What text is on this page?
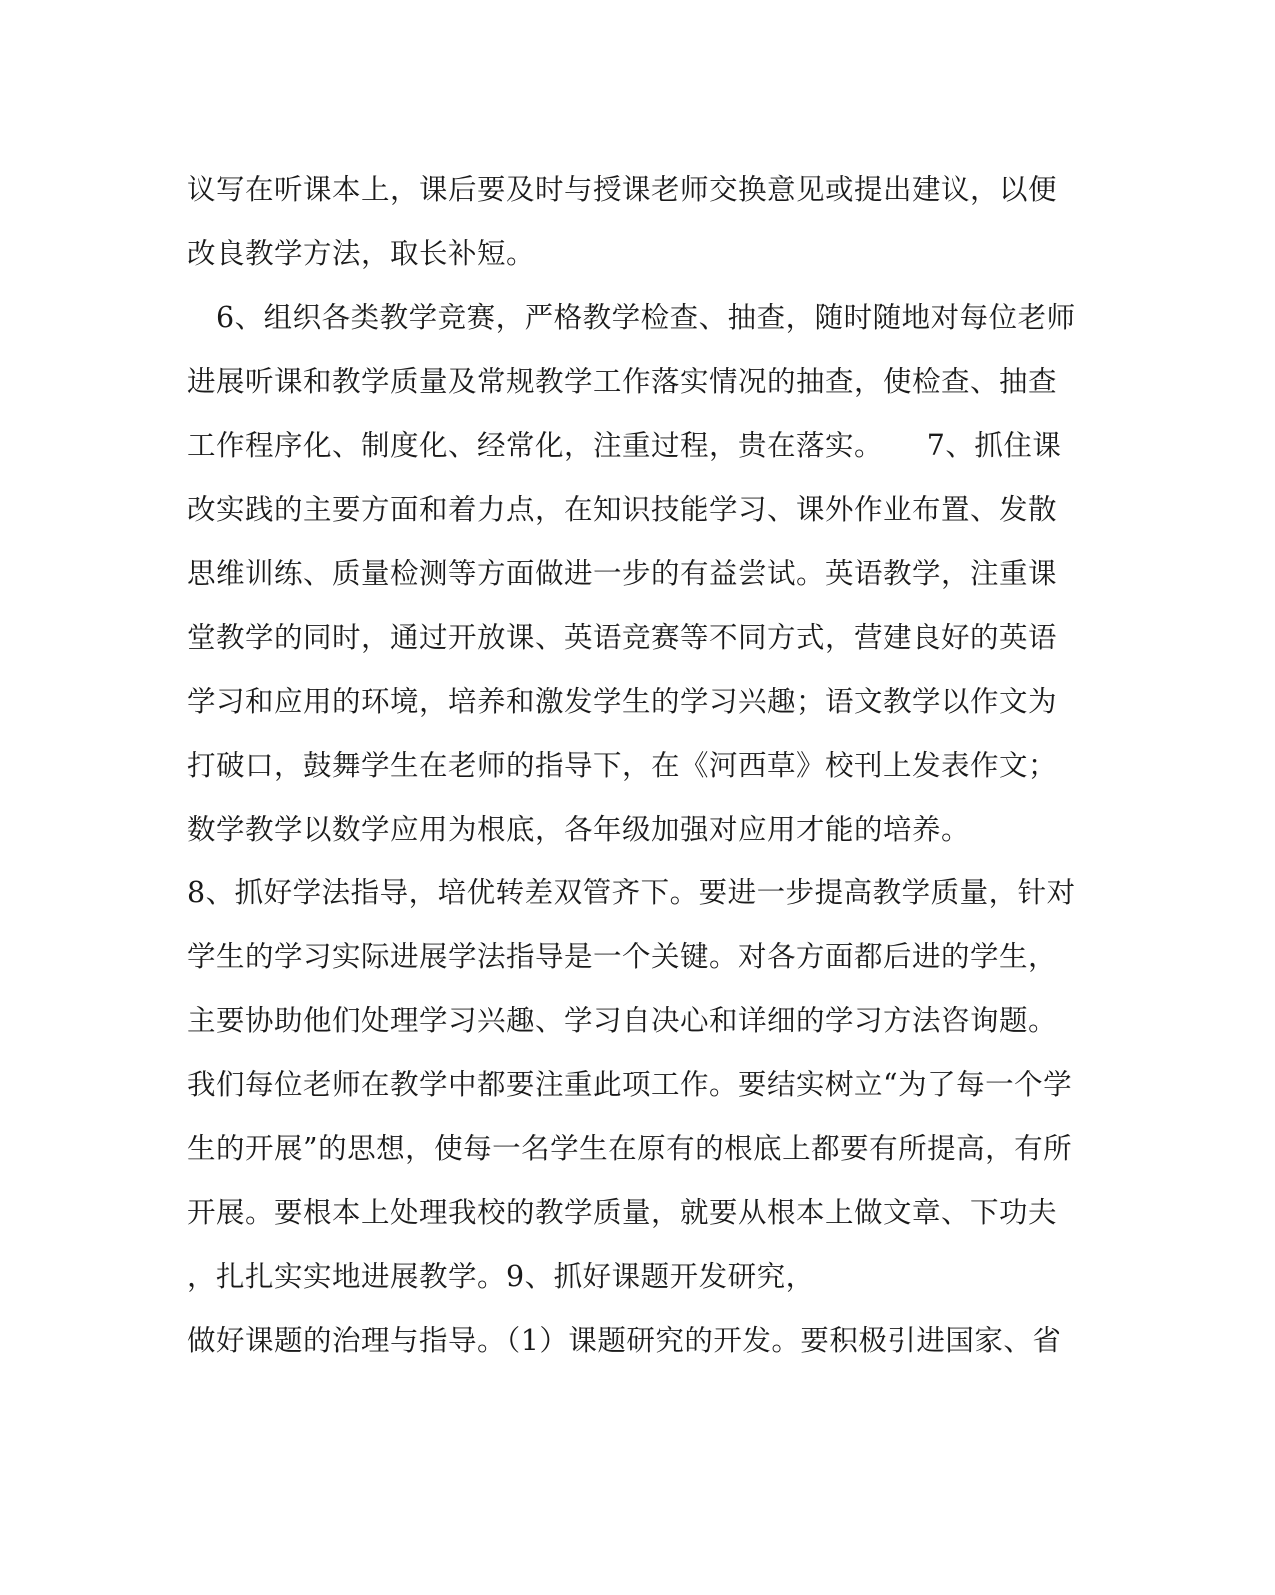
议写在听课本上，课后要及时与授课老师交换意见或提出建议，以便
改良教学方法，取长补短。
　6、组织各类教学竞赛，严格教学检查、抽查，随时随地对每位老师
进展听课和教学质量及常规教学工作落实情况的抽查，使检查、抽查
工作程序化、制度化、经常化，注重过程，贵在落实。　　7、抓住课
改实践的主要方面和着力点，在知识技能学习、课外作业布置、发散
思维训练、质量检测等方面做进一步的有益尝试。英语教学，注重课
堂教学的同时，通过开放课、英语竞赛等不同方式，营建良好的英语
学习和应用的环境，培养和激发学生的学习兴趣；语文教学以作文为
打破口，鼓舞学生在老师的指导下，在《河西草》校刊上发表作文；
数学教学以数学应用为根底，各年级加强对应用才能的培养。
8、抓好学法指导，培优转差双管齐下。要进一步提高教学质量，针对
学生的学习实际进展学法指导是一个关键。对各方面都后进的学生，
主要协助他们处理学习兴趣、学习自决心和详细的学习方法咨询题。
我们每位老师在教学中都要注重此项工作。要结实树立“为了每一个学
生的开展”的思想，使每一名学生在原有的根底上都要有所提高，有所
开展。要根本上处理我校的教学质量，就要从根本上做文章、下功夫
，扎扎实实地进展教学。9、抓好课题开发研究，
做好课题的治理与指导。（1）课题研究的开发。要积极引进国家、省
